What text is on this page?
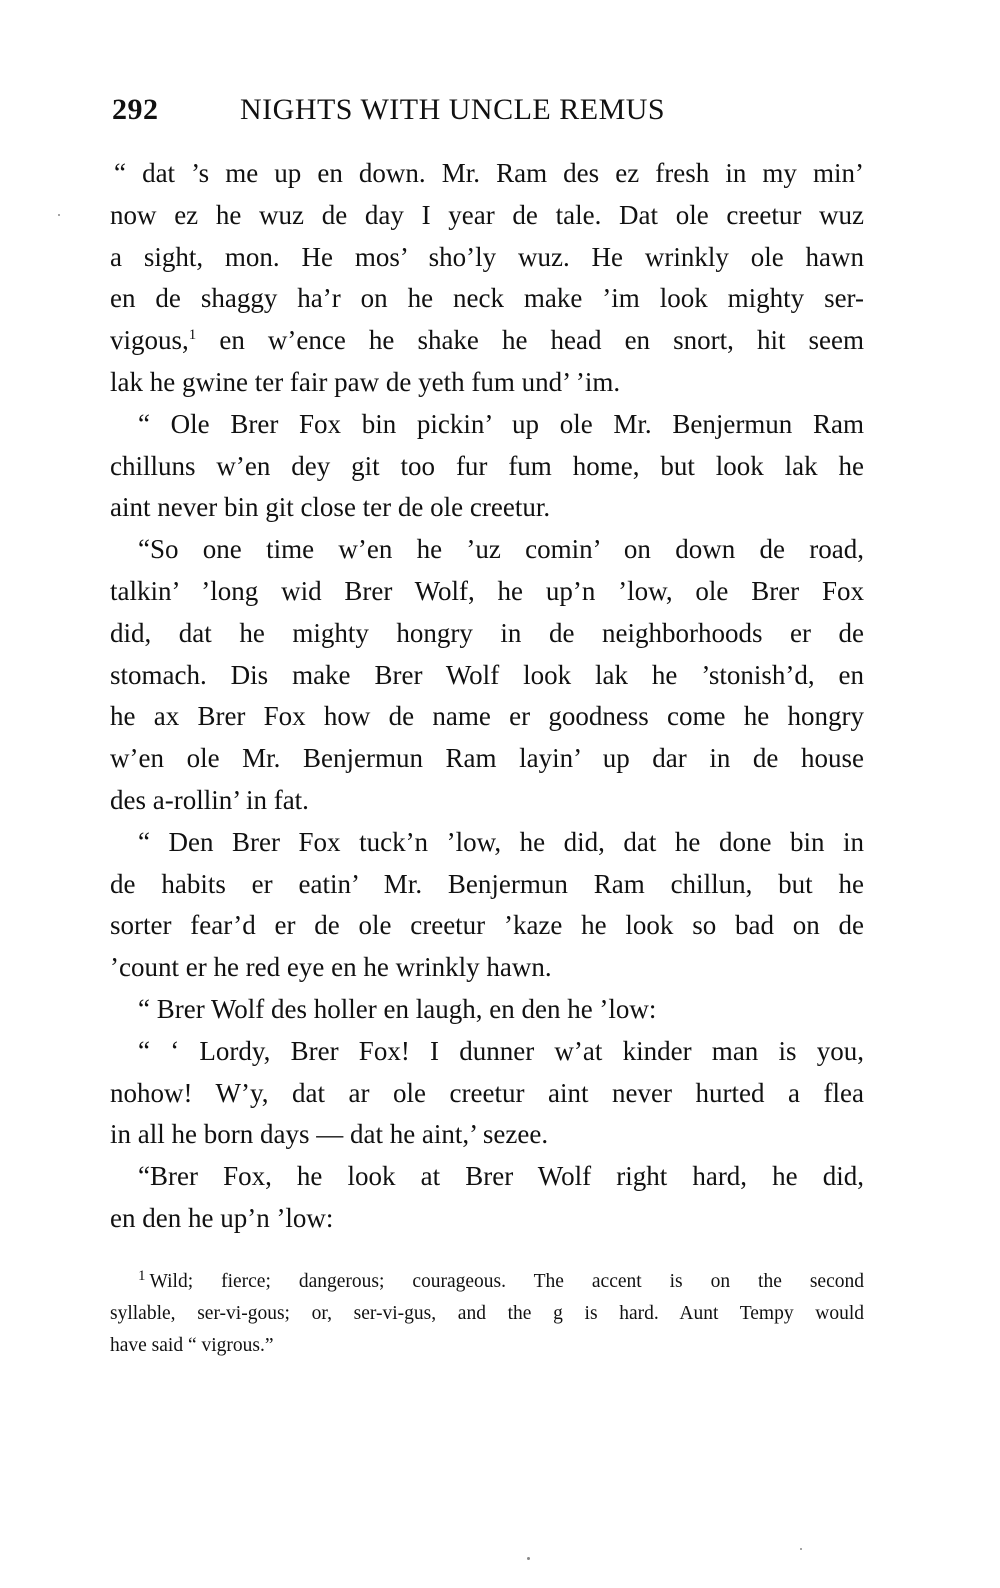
292	NIGHTS WITH UNCLE REMUS
“ dat ’s me up en down. Mr. Ram des ez fresh in my min’
now ez he wuz de day I year de tale. Dat ole creetur wuz
a sight, mon. He mos’ sho’ly wuz. He wrinkly ole hawn
en de shaggy ha’r on he neck make ’im look mighty ser-
vigous,$^1$ en w’ence he shake he head en snort, hit seem
lak he gwine ter fair paw de yeth fum und’ ’im.
“ Ole Brer Fox bin pickin’ up ole Mr. Benjermun Ram
chilluns w’en dey git too fur fum home, but look lak he
aint never bin git close ter de ole creetur.
“So one time w’en he ’uz comin’ on down de road,
talkin’ ’long wid Brer Wolf, he up’n ’low, ole Brer Fox
did, dat he mighty hongry in de neighborhoods er de
stomach. Dis make Brer Wolf look lak he ’stonish’d, en
he ax Brer Fox how de name er goodness come he hongry
w’en ole Mr. Benjermun Ram layin’ up dar in de house
des a-rollin’ in fat.
“ Den Brer Fox tuck’n ’low, he did, dat he done bin in
de habits er eatin’ Mr. Benjermun Ram chillun, but he
sorter fear’d er de ole creetur ’kaze he look so bad on de
’count er he red eye en he wrinkly hawn.
“ Brer Wolf des holler en laugh, en den he ’low:
“ ‘ Lordy, Brer Fox! I dunner w’at kinder man is you,
nohow! W’y, dat ar ole creetur aint never hurted a flea
in all he born days — dat he aint,’ sezee.
“Brer Fox, he look at Brer Wolf right hard, he did,
en den he up’n ’low:
$^1$ Wild; fierce; dangerous; courageous. The accent is on the second
syllable, ser-vi-gous; or, ser-vi-gus, and the g is hard. Aunt Tempy would
have said “ vigrous.”
